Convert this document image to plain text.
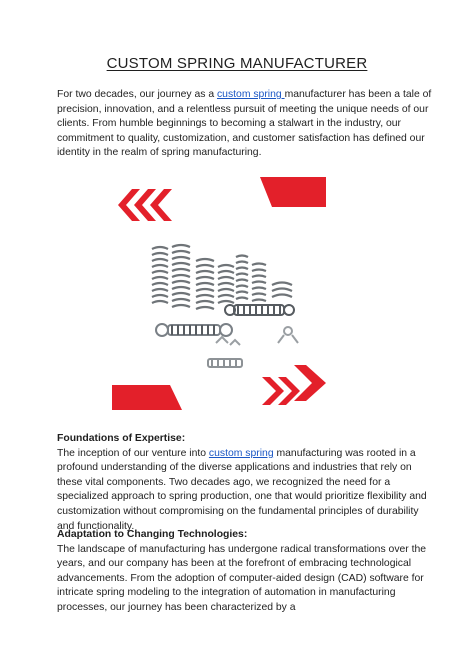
CUSTOM SPRING MANUFACTURER

For two decades, our journey as a custom spring manufacturer has been a tale of precision, innovation, and a relentless pursuit of meeting the unique needs of our clients. From humble beginnings to becoming a stalwart in the industry, our commitment to quality, customization, and customer satisfaction has defined our identity in the realm of spring manufacturing.

Foundations of Expertise:
The inception of our venture into custom spring manufacturing was rooted in a profound understanding of the diverse applications and industries that rely on these vital components. Two decades ago, we recognized the need for a specialized approach to spring production, one that would prioritize flexibility and customization without compromising on the fundamental principles of durability and functionality.

Adaptation to Changing Technologies:
The landscape of manufacturing has undergone radical transformations over the years, and our company has been at the forefront of embracing technological advancements. From the adoption of computer-aided design (CAD) software for intricate spring modeling to the integration of automation in manufacturing processes, our journey has been characterized by a
